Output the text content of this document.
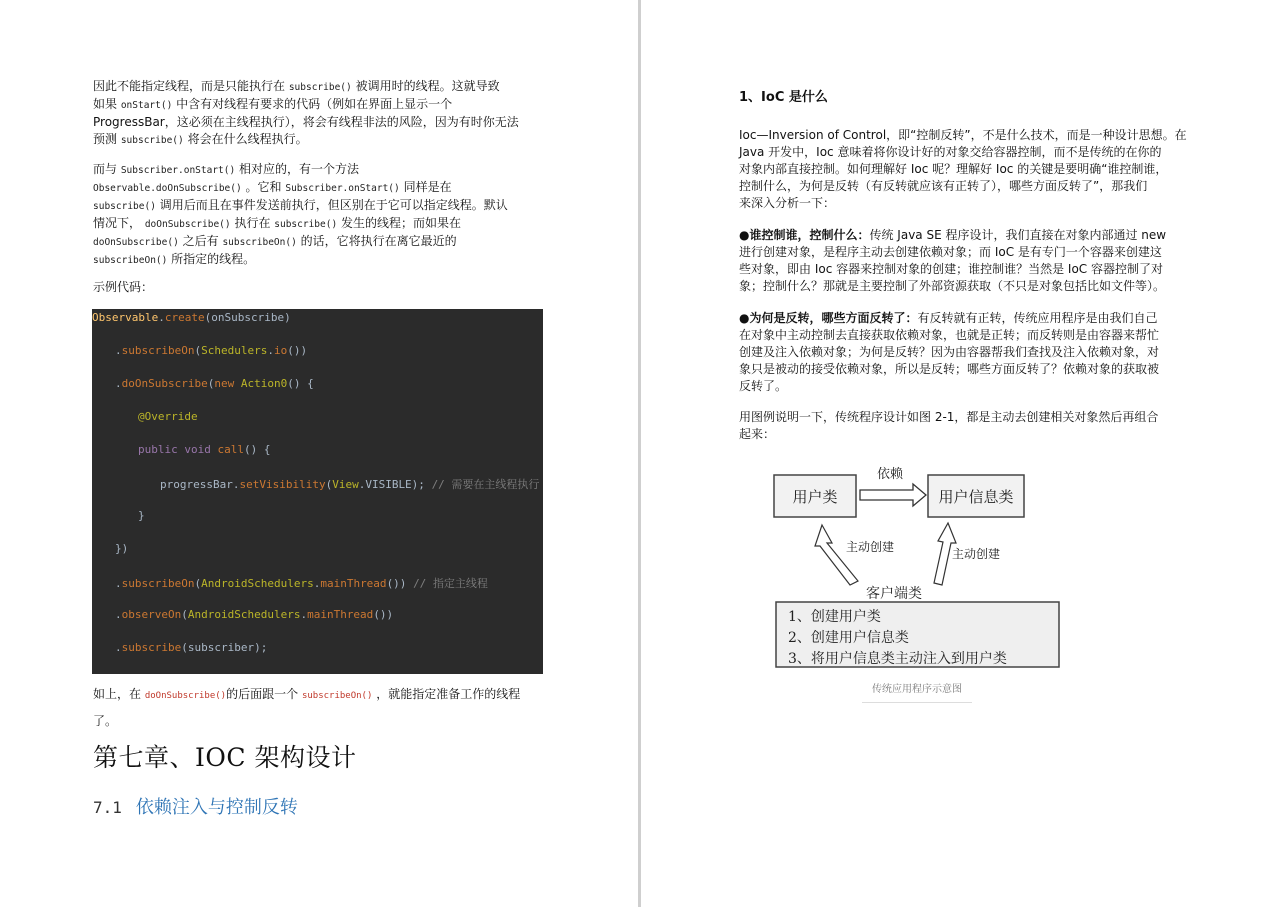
因此不能指定线程，而是只能执行在 subscribe() 被调用时的线程。这就导致
如果 onStart() 中含有对线程有要求的代码（例如在界面上显示一个
ProgressBar，这必须在主线程执行），将会有线程非法的风险，因为有时你无法
预测 subscribe() 将会在什么线程执行。

而与 Subscriber.onStart() 相对应的，有一个方法
Observable.doOnSubscribe() 。它和 Subscriber.onStart() 同样是在
subscribe() 调用后而且在事件发送前执行，但区别在于它可以指定线程。默认
情况下， doOnSubscribe() 执行在 subscribe() 发生的线程；而如果在
doOnSubscribe() 之后有 subscribeOn() 的话，它将执行在离它最近的
subscribeOn() 所指定的线程。

示例代码：

Observable.create(onSubscribe)
.subscribeOn(Schedulers.io())
.doOnSubscribe(new Action0() {
@Override
public void call() {
progressBar.setVisibility(View.VISIBLE); // 需要在主线程执行
}
})
.subscribeOn(AndroidSchedulers.mainThread()) // 指定主线程
.observeOn(AndroidSchedulers.mainThread())
.subscribe(subscriber);

如上，在 doOnSubscribe()的后面跟一个 subscribeOn() ，就能指定准备工作的线程
了。

第七章、IOC 架构设计
7.1 依赖注入与控制反转
1、IoC 是什么

Ioc—Inversion of Control，即“控制反转”，不是什么技术，而是一种设计思想。在
Java 开发中，Ioc 意味着将你设计好的对象交给容器控制，而不是传统的在你的
对象内部直接控制。如何理解好 Ioc 呢？理解好 Ioc 的关键是要明确“谁控制谁，
控制什么，为何是反转（有反转就应该有正转了），哪些方面反转了”，那我们
来深入分析一下：

●谁控制谁，控制什么：传统 Java SE 程序设计，我们直接在对象内部通过 new
进行创建对象，是程序主动去创建依赖对象；而 IoC 是有专门一个容器来创建这
些对象，即由 Ioc 容器来控制对象的创建；谁控制谁？当然是 IoC 容器控制了对
象；控制什么？那就是主要控制了外部资源获取（不只是对象包括比如文件等）。

●为何是反转，哪些方面反转了：有反转就有正转，传统应用程序是由我们自己
在对象中主动控制去直接获取依赖对象，也就是正转；而反转则是由容器来帮忙
创建及注入依赖对象；为何是反转？因为由容器帮我们查找及注入依赖对象，对
象只是被动的接受依赖对象，所以是反转；哪些方面反转了？依赖对象的获取被
反转了。

用图例说明一下，传统程序设计如图 2-1，都是主动去创建相关对象然后再组合
起来：

用户类	用户信息类
依赖
主动创建	主动创建
客户端类
1、创建用户类
2、创建用户信息类
3、将用户信息类主动注入到用户类
传统应用程序示意图
